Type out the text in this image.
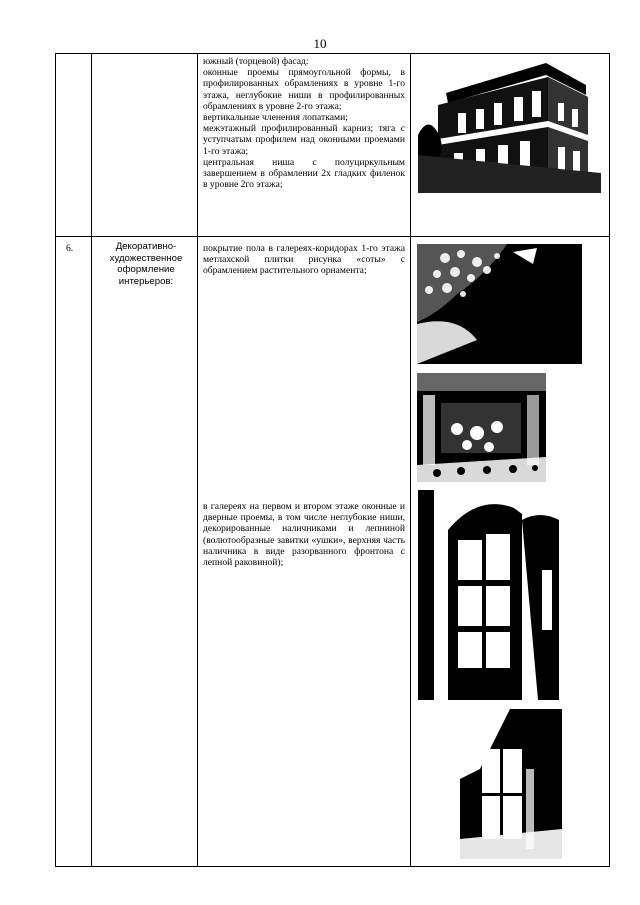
10

южный (торцевой) фасад:

оконные проемы прямоугольной формы, в профилированных обрамлениях в уровне 1-го этажа, неглубокие ниши в профилированных обрамлениях в уровне 2-го этажа;

вертикальные членения лопатками;

межэтажный профилированный карниз; тяга с уступчатым профилем над оконными проемами 1-го этажа;

центральная ниша с полуциркульным завершением в обрамлении 2х гладких филенок в уровне 2го этажа;

6.	Декоративно-художественное оформление интерьеров:
покрытие пола в галереях-коридорах 1-го этажа метлахской плитки рисунка «соты» с обрамлением растительного орнамента;
в галереях на первом и втором этаже оконные и дверные проемы, в том числе неглубокие ниши, декорированные наличниками и лепниной (волютообразные завитки «ушки», верхняя часть наличника в виде разорванного фронтона с лепной раковиной);
